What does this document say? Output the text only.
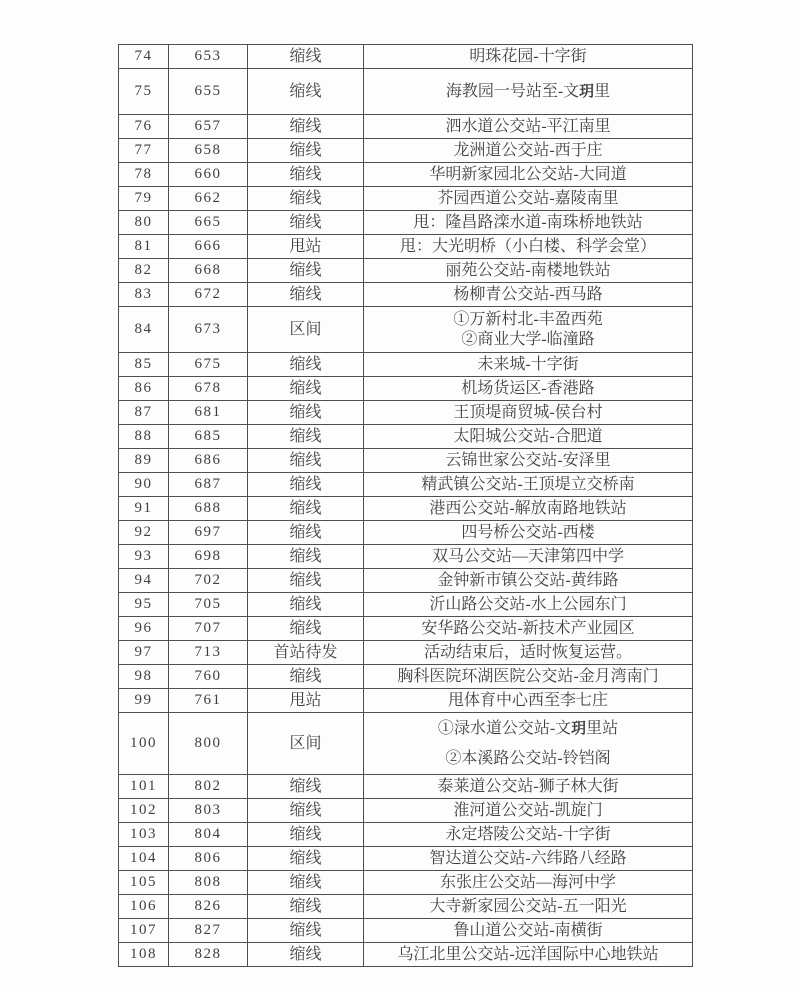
74	653	缩线	明珠花园-十字街
75	655	缩线	海教园一号站至-文玥里
76	657	缩线	泗水道公交站-平江南里
77	658	缩线	龙洲道公交站-西于庄
78	660	缩线	华明新家园北公交站-大同道
79	662	缩线	芥园西道公交站-嘉陵南里
80	665	缩线	甩：隆昌路滦水道-南珠桥地铁站
81	666	甩站	甩：大光明桥（小白楼、科学会堂）
82	668	缩线	丽苑公交站-南楼地铁站
83	672	缩线	杨柳青公交站-西马路
84	673	区间	①万新村北-丰盈西苑
②商业大学-临潼路

85	675	缩线	未来城-十字街
86	678	缩线	机场货运区-香港路
87	681	缩线	王顶堤商贸城-侯台村
88	685	缩线	太阳城公交站-合肥道
89	686	缩线	云锦世家公交站-安泽里
90	687	缩线	精武镇公交站-王顶堤立交桥南
91	688	缩线	港西公交站-解放南路地铁站
92	697	缩线	四号桥公交站-西楼
93	698	缩线	双马公交站—天津第四中学
94	702	缩线	金钟新市镇公交站-黄纬路
95	705	缩线	沂山路公交站-水上公园东门
96	707	缩线	安华路公交站-新技术产业园区
97	713	首站待发	活动结束后，适时恢复运营。
98	760	缩线	胸科医院环湖医院公交站-金月湾南门
99	761	甩站	甩体育中心西至李七庄
100	800	区间	①渌水道公交站-文玥里站
②本溪路公交站-铃铛阁

101	802	缩线	泰莱道公交站-狮子林大街
102	803	缩线	淮河道公交站-凯旋门
103	804	缩线	永定塔陵公交站-十字街
104	806	缩线	智达道公交站-六纬路八经路
105	808	缩线	东张庄公交站—海河中学
106	826	缩线	大寺新家园公交站-五一阳光
107	827	缩线	鲁山道公交站-南横街
108	828	缩线	乌江北里公交站-远洋国际中心地铁站
